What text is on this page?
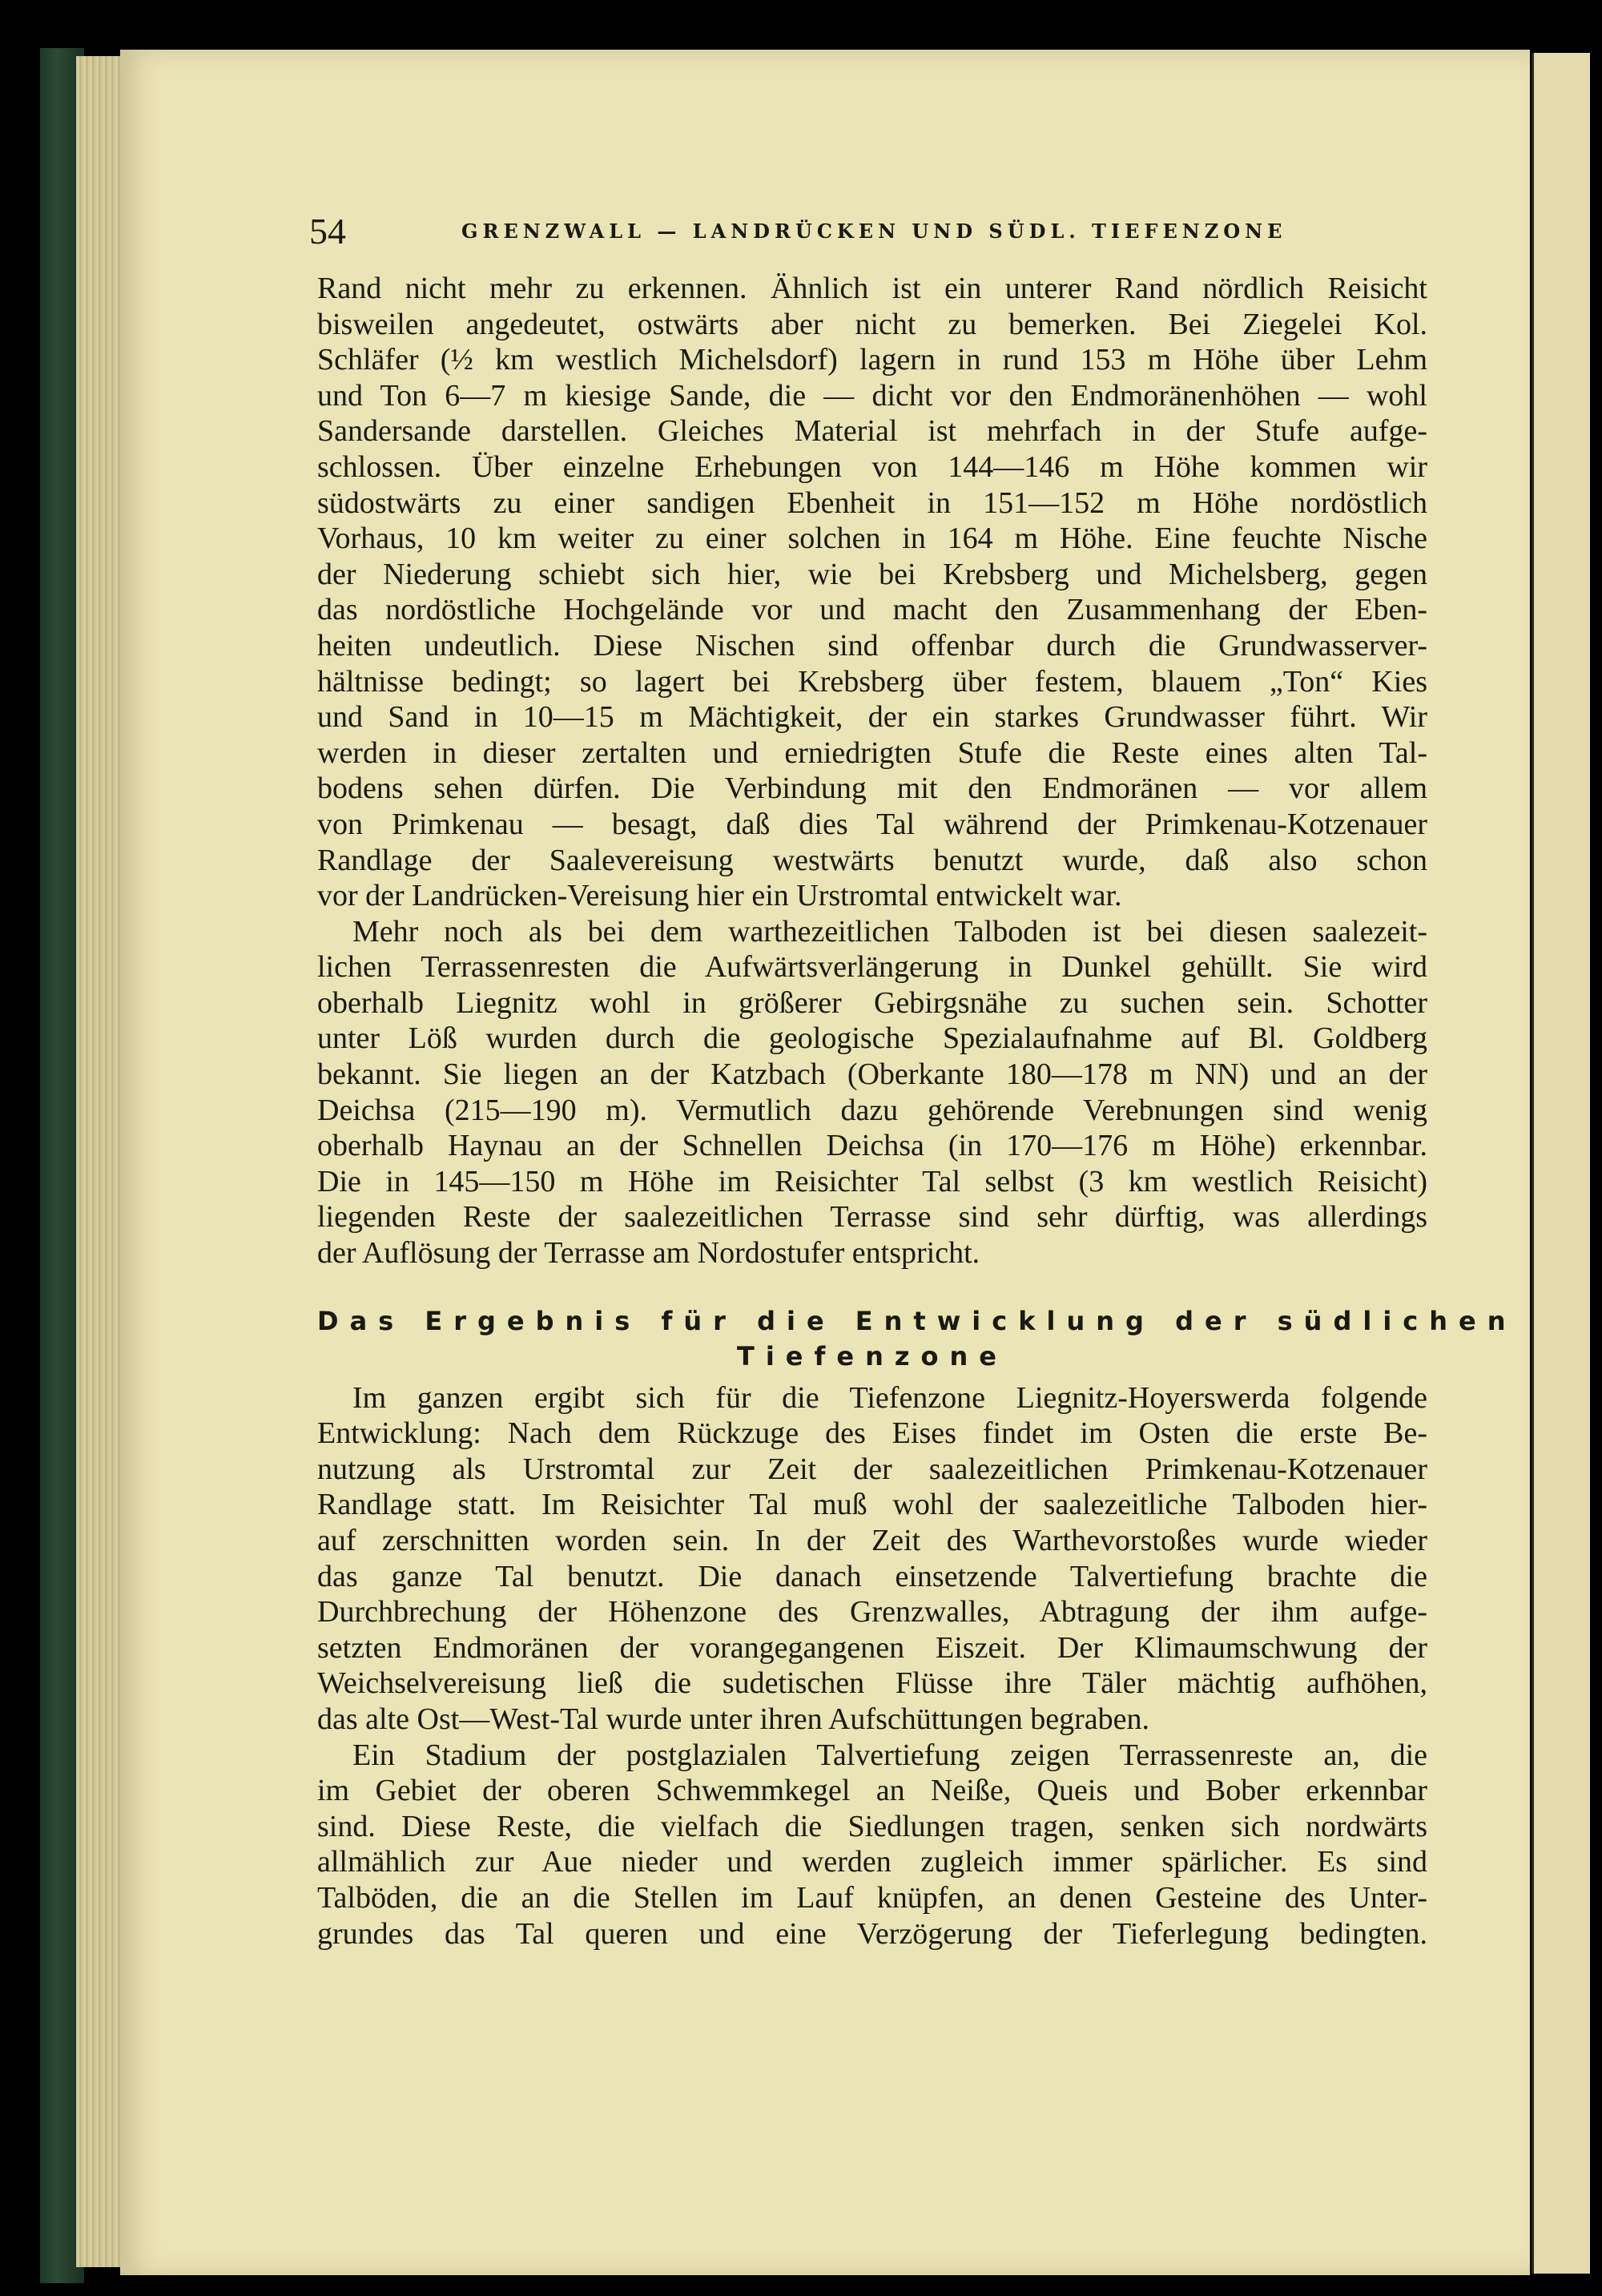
54	GRENZWALL — LANDRÜCKEN UND SÜDL. TIEFENZONE
Rand nicht mehr zu erkennen. Ähnlich ist ein unterer Rand nördlich Reisicht
bisweilen angedeutet, ostwärts aber nicht zu bemerken. Bei Ziegelei Kol.
Schläfer (½ km westlich Michelsdorf) lagern in rund 153 m Höhe über Lehm
und Ton 6—7 m kiesige Sande, die — dicht vor den Endmoränenhöhen — wohl
Sandersande darstellen. Gleiches Material ist mehrfach in der Stufe aufge-
schlossen. Über einzelne Erhebungen von 144—146 m Höhe kommen wir
südostwärts zu einer sandigen Ebenheit in 151—152 m Höhe nordöstlich
Vorhaus, 10 km weiter zu einer solchen in 164 m Höhe. Eine feuchte Nische
der Niederung schiebt sich hier, wie bei Krebsberg und Michelsberg, gegen
das nordöstliche Hochgelände vor und macht den Zusammenhang der Eben-
heiten undeutlich. Diese Nischen sind offenbar durch die Grundwasserver-
hältnisse bedingt; so lagert bei Krebsberg über festem, blauem „Ton“ Kies
und Sand in 10—15 m Mächtigkeit, der ein starkes Grundwasser führt. Wir
werden in dieser zertalten und erniedrigten Stufe die Reste eines alten Tal-
bodens sehen dürfen. Die Verbindung mit den Endmoränen — vor allem
von Primkenau — besagt, daß dies Tal während der Primkenau-Kotzenauer
Randlage der Saalevereisung westwärts benutzt wurde, daß also schon
vor der Landrücken-Vereisung hier ein Urstromtal entwickelt war.
Mehr noch als bei dem warthezeitlichen Talboden ist bei diesen saalezeit-
lichen Terrassenresten die Aufwärtsverlängerung in Dunkel gehüllt. Sie wird
oberhalb Liegnitz wohl in größerer Gebirgsnähe zu suchen sein. Schotter
unter Löß wurden durch die geologische Spezialaufnahme auf Bl. Goldberg
bekannt. Sie liegen an der Katzbach (Oberkante 180—178 m NN) und an der
Deichsa (215—190 m). Vermutlich dazu gehörende Verebnungen sind wenig
oberhalb Haynau an der Schnellen Deichsa (in 170—176 m Höhe) erkennbar.
Die in 145—150 m Höhe im Reisichter Tal selbst (3 km westlich Reisicht)
liegenden Reste der saalezeitlichen Terrasse sind sehr dürftig, was allerdings
der Auflösung der Terrasse am Nordostufer entspricht.
Das Ergebnis für die Entwicklung der südlichen
Tiefenzone
Im ganzen ergibt sich für die Tiefenzone Liegnitz-Hoyerswerda folgende
Entwicklung: Nach dem Rückzuge des Eises findet im Osten die erste Be-
nutzung als Urstromtal zur Zeit der saalezeitlichen Primkenau-Kotzenauer
Randlage statt. Im Reisichter Tal muß wohl der saalezeitliche Talboden hier-
auf zerschnitten worden sein. In der Zeit des Warthevorstoßes wurde wieder
das ganze Tal benutzt. Die danach einsetzende Talvertiefung brachte die
Durchbrechung der Höhenzone des Grenzwalles, Abtragung der ihm aufge-
setzten Endmoränen der vorangegangenen Eiszeit. Der Klimaumschwung der
Weichselvereisung ließ die sudetischen Flüsse ihre Täler mächtig aufhöhen,
das alte Ost—West-Tal wurde unter ihren Aufschüttungen begraben.
Ein Stadium der postglazialen Talvertiefung zeigen Terrassenreste an, die
im Gebiet der oberen Schwemmkegel an Neiße, Queis und Bober erkennbar
sind. Diese Reste, die vielfach die Siedlungen tragen, senken sich nordwärts
allmählich zur Aue nieder und werden zugleich immer spärlicher. Es sind
Talböden, die an die Stellen im Lauf knüpfen, an denen Gesteine des Unter-
grundes das Tal queren und eine Verzögerung der Tieferlegung bedingten.
